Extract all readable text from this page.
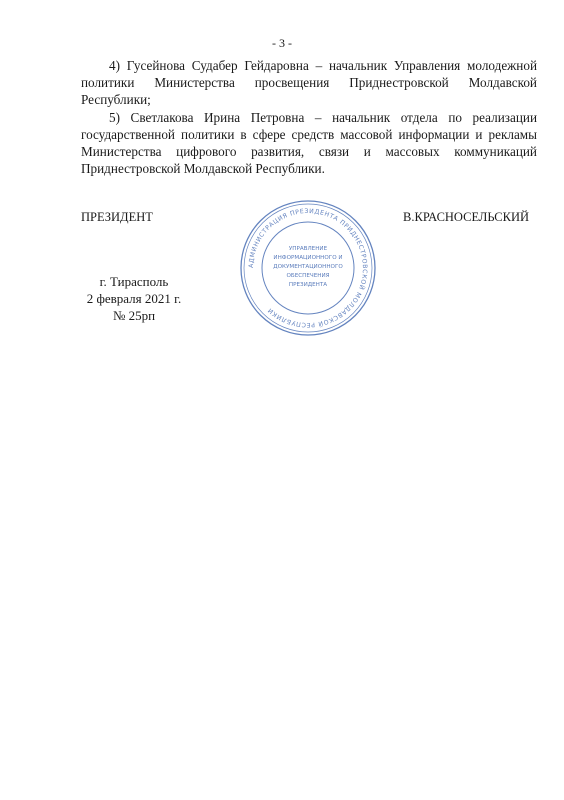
- 3 -

4) Гусейнова Судабер Гейдаровна – начальник Управления молодежной политики Министерства просвещения Приднестровской Молдавской Республики;

5) Светлакова Ирина Петровна – начальник отдела по реализации государственной политики в сфере средств массовой информации и рекламы Министерства цифрового развития, связи и массовых коммуникаций Приднестровской Молдавской Республики.

ПРЕЗИДЕНТ	В.КРАСНОСЕЛЬСКИЙ
АДМИНИСТРАЦИЯ ПРЕЗИДЕНТА ПРИДНЕСТРОВСКОЙ МОЛДАВСКОЙ РЕСПУБЛИКИ
УПРАВЛЕНИЕ
ИНФОРМАЦИОННОГО И
ДОКУМЕНТАЦИОННОГО
ОБЕСПЕЧЕНИЯ
ПРЕЗИДЕНТА
г. Тирасполь
2 февраля 2021 г.
№ 25рп
